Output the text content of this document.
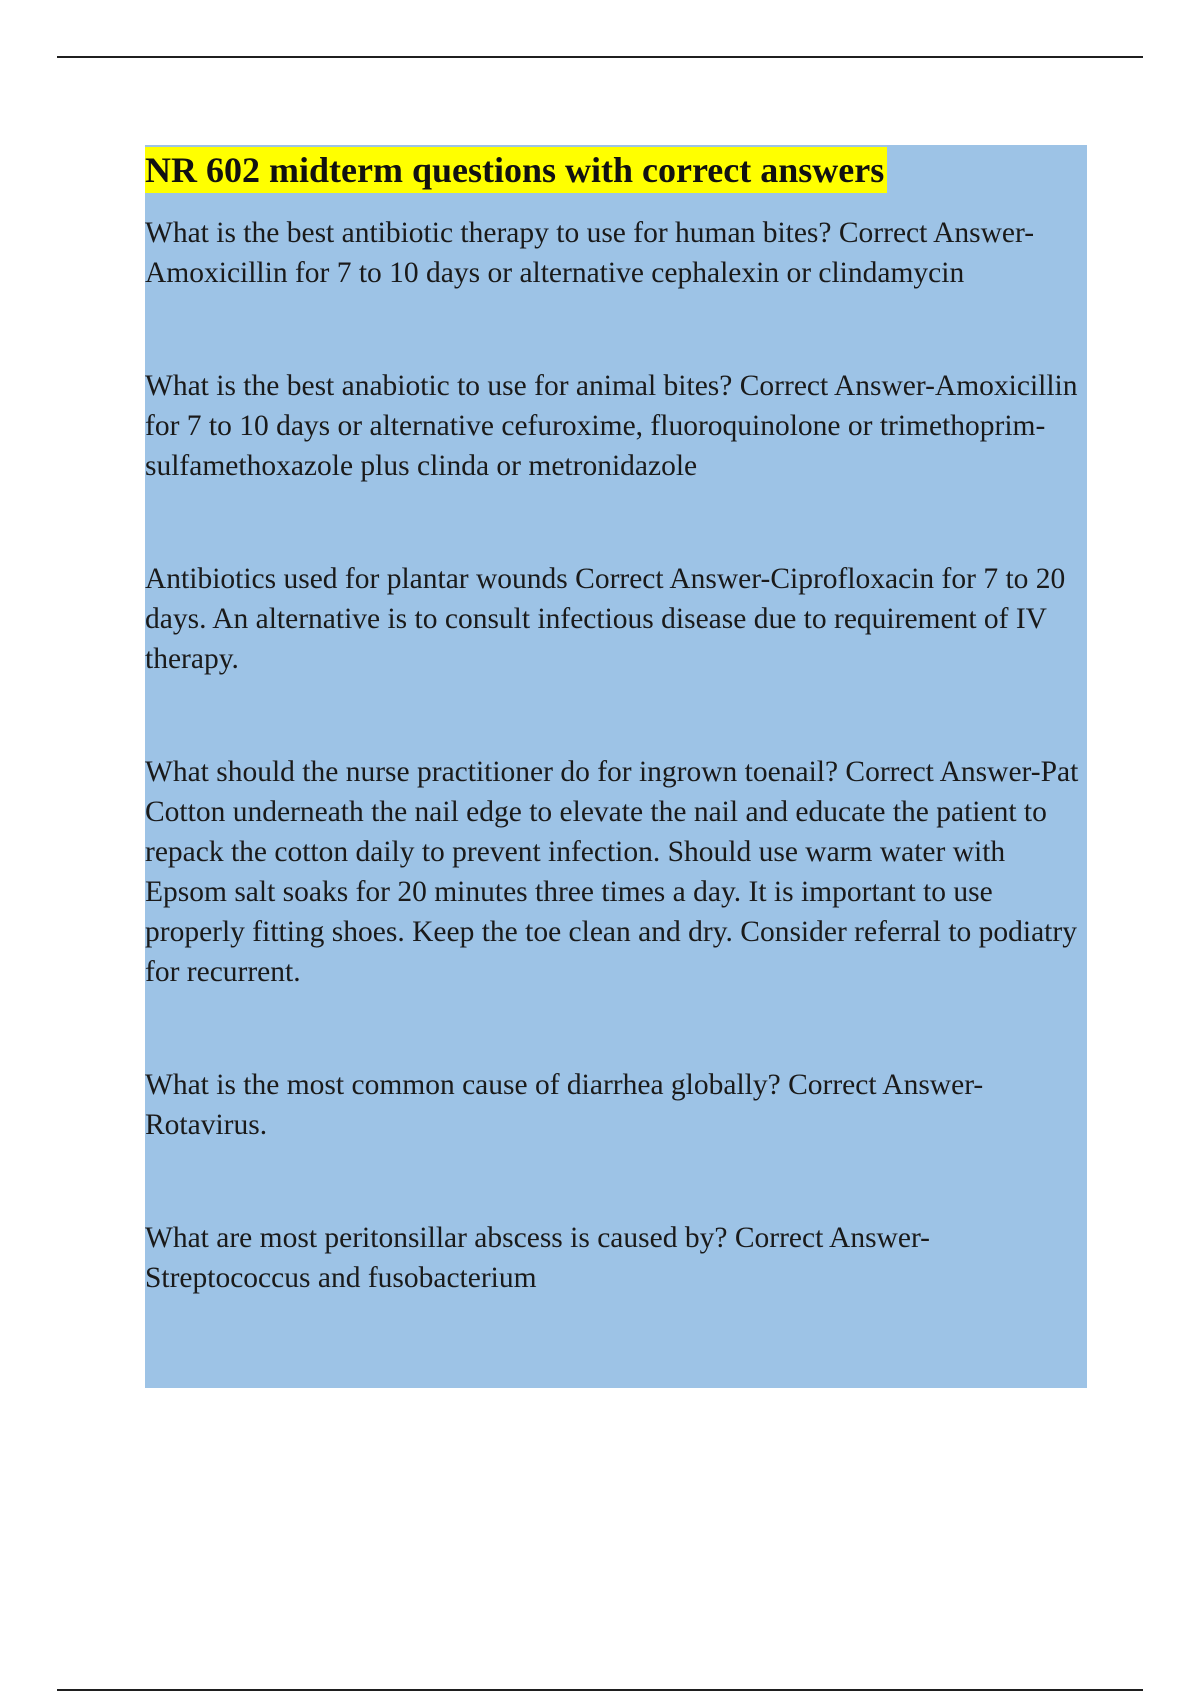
NR 602 midterm questions with correct answers

What is the best antibiotic therapy to use for human bites? Correct Answer-Amoxicillin for 7 to 10 days or alternative cephalexin or clindamycin

What is the best anabiotic to use for animal bites? Correct Answer-Amoxicillin for 7 to 10 days or alternative cefuroxime, fluoroquinolone or trimethoprim-sulfamethoxazole plus clinda or metronidazole

Antibiotics used for plantar wounds Correct Answer-Ciprofloxacin for 7 to 20 days. An alternative is to consult infectious disease due to requirement of IV therapy.

What should the nurse practitioner do for ingrown toenail? Correct Answer-Pat Cotton underneath the nail edge to elevate the nail and educate the patient to repack the cotton daily to prevent infection. Should use warm water with Epsom salt soaks for 20 minutes three times a day. It is important to use properly fitting shoes. Keep the toe clean and dry. Consider referral to podiatry for recurrent.

What is the most common cause of diarrhea globally? Correct Answer-Rotavirus.

What are most peritonsillar abscess is caused by? Correct Answer-Streptococcus and fusobacterium
